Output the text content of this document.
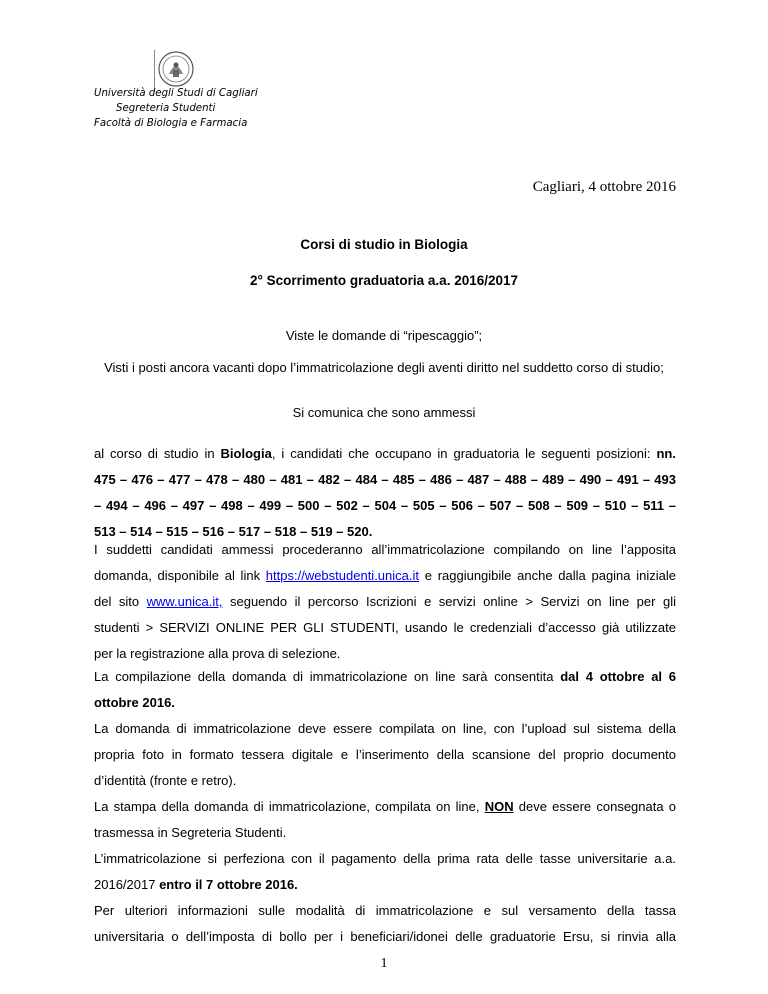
Università degli Studi di Cagliari
Segreteria Studenti
Facoltà di Biologia e Farmacia
Cagliari, 4 ottobre 2016
Corsi di studio in Biologia
2° Scorrimento graduatoria a.a. 2016/2017
Viste le domande di “ripescaggio”;
Visti i posti ancora vacanti dopo l’immatricolazione degli aventi diritto nel suddetto corso di studio;
Si comunica che sono ammessi
al corso di studio in Biologia, i candidati che occupano in graduatoria le seguenti posizioni: nn.
475 – 476 – 477 – 478 – 480 – 481 – 482 – 484 – 485 – 486 – 487 – 488 – 489 – 490 – 491 – 493
– 494 – 496 – 497 – 498 – 499 – 500 – 502 – 504 – 505 – 506 – 507 – 508 – 509 – 510 – 511 –
513 – 514 – 515 – 516 – 517 – 518 – 519 – 520.
I suddetti candidati ammessi procederanno all’immatricolazione compilando on line l’apposita
domanda, disponibile al link https://webstudenti.unica.it e raggiungibile anche dalla pagina iniziale
del sito www.unica.it, seguendo il percorso Iscrizioni e servizi online > Servizi on line per gli
studenti > SERVIZI ONLINE PER GLI STUDENTI, usando le credenziali d’accesso già utilizzate
per la registrazione alla prova di selezione.
La compilazione della domanda di immatricolazione on line sarà consentita dal 4 ottobre al 6
ottobre 2016.
La domanda di immatricolazione deve essere compilata on line, con l’upload sul sistema della
propria foto in formato tessera digitale e l’inserimento della scansione del proprio documento
d’identità (fronte e retro).
La stampa della domanda di immatricolazione, compilata on line, NON deve essere consegnata o
trasmessa in Segreteria Studenti.
L’immatricolazione si perfeziona con il pagamento della prima rata delle tasse universitarie a.a.
2016/2017 entro il 7 ottobre 2016.
Per ulteriori informazioni sulle modalità di immatricolazione e sul versamento della tassa
universitaria o dell’imposta di bollo per i beneficiari/idonei delle graduatorie Ersu, si rinvia alla
1
